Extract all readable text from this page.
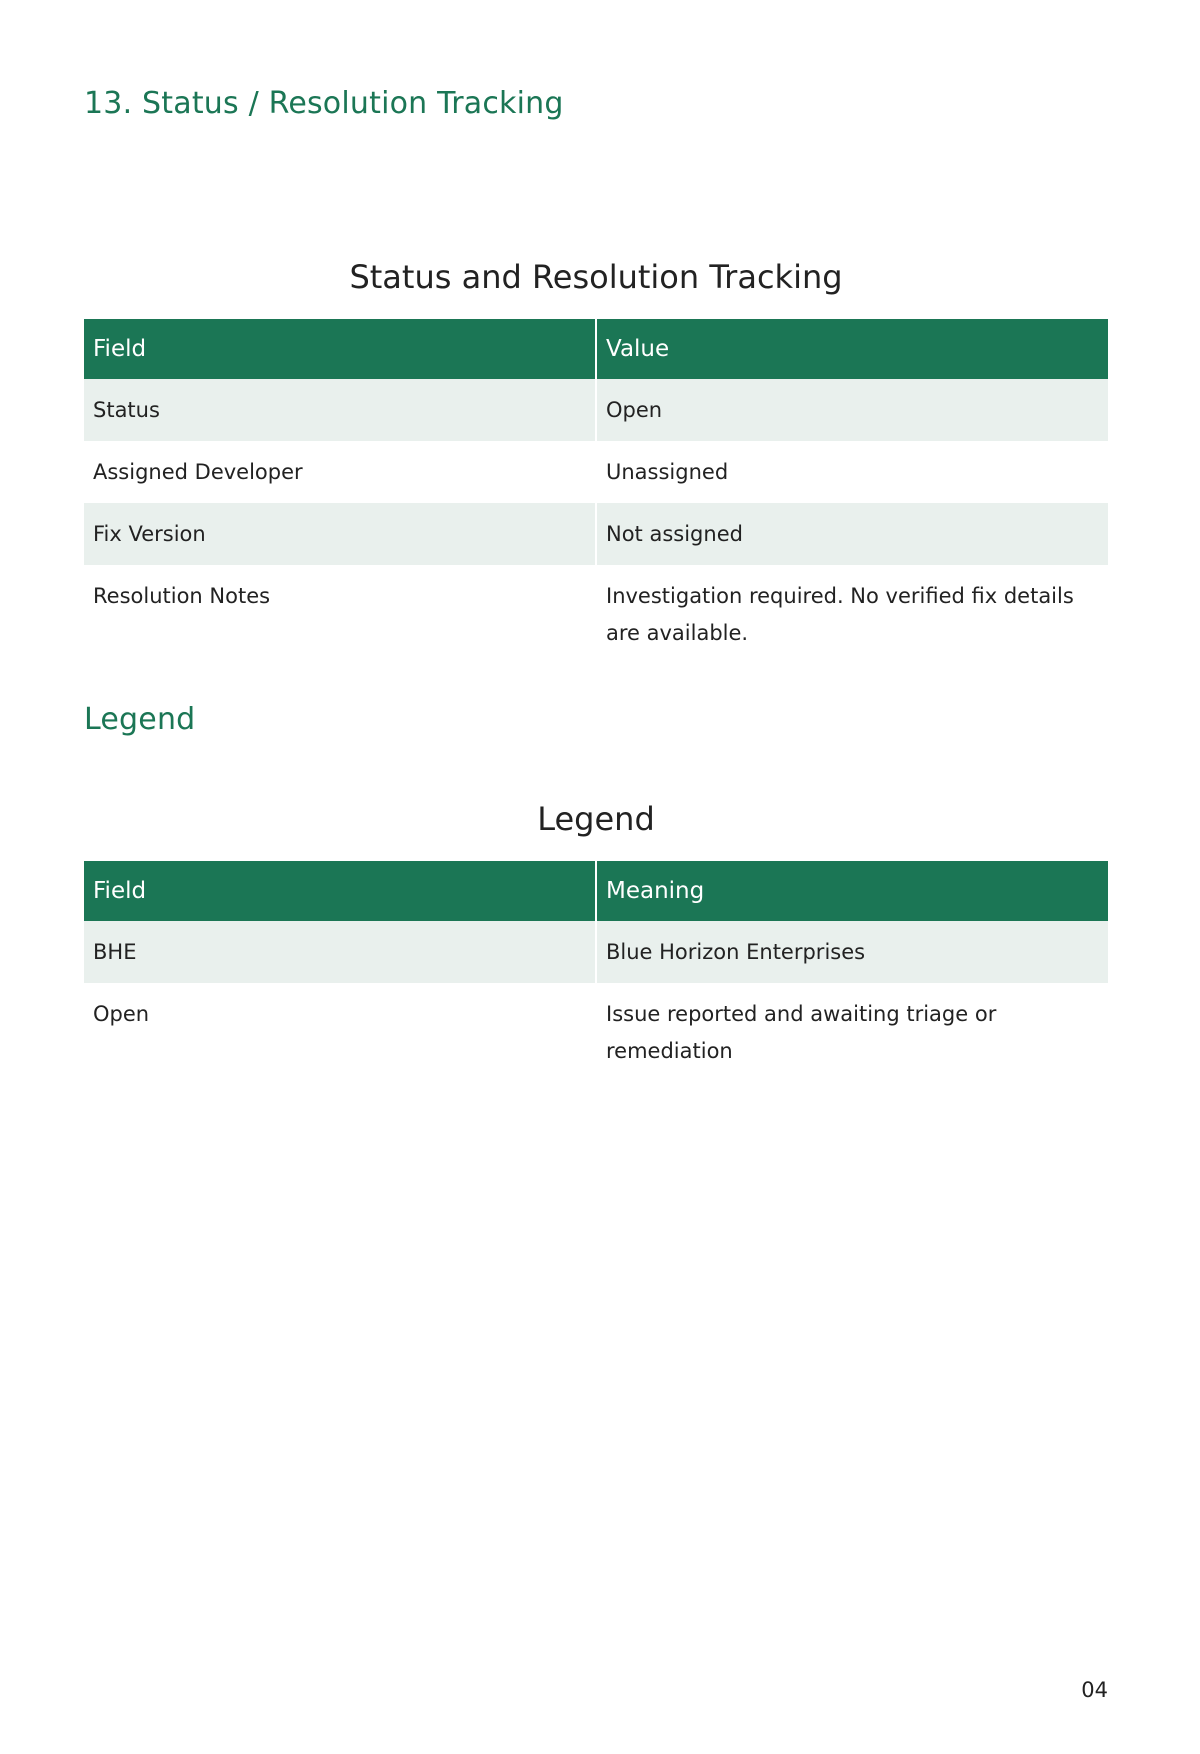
13. Status / Resolution Tracking
Status and Resolution Tracking
Field	Value
Status	Open
Assigned Developer	Unassigned
Fix Version	Not assigned
Resolution Notes	Investigation required. No verified fix details are available.
Legend
Legend
Field	Meaning
BHE	Blue Horizon Enterprises
Open	Issue reported and awaiting triage or remediation
04
